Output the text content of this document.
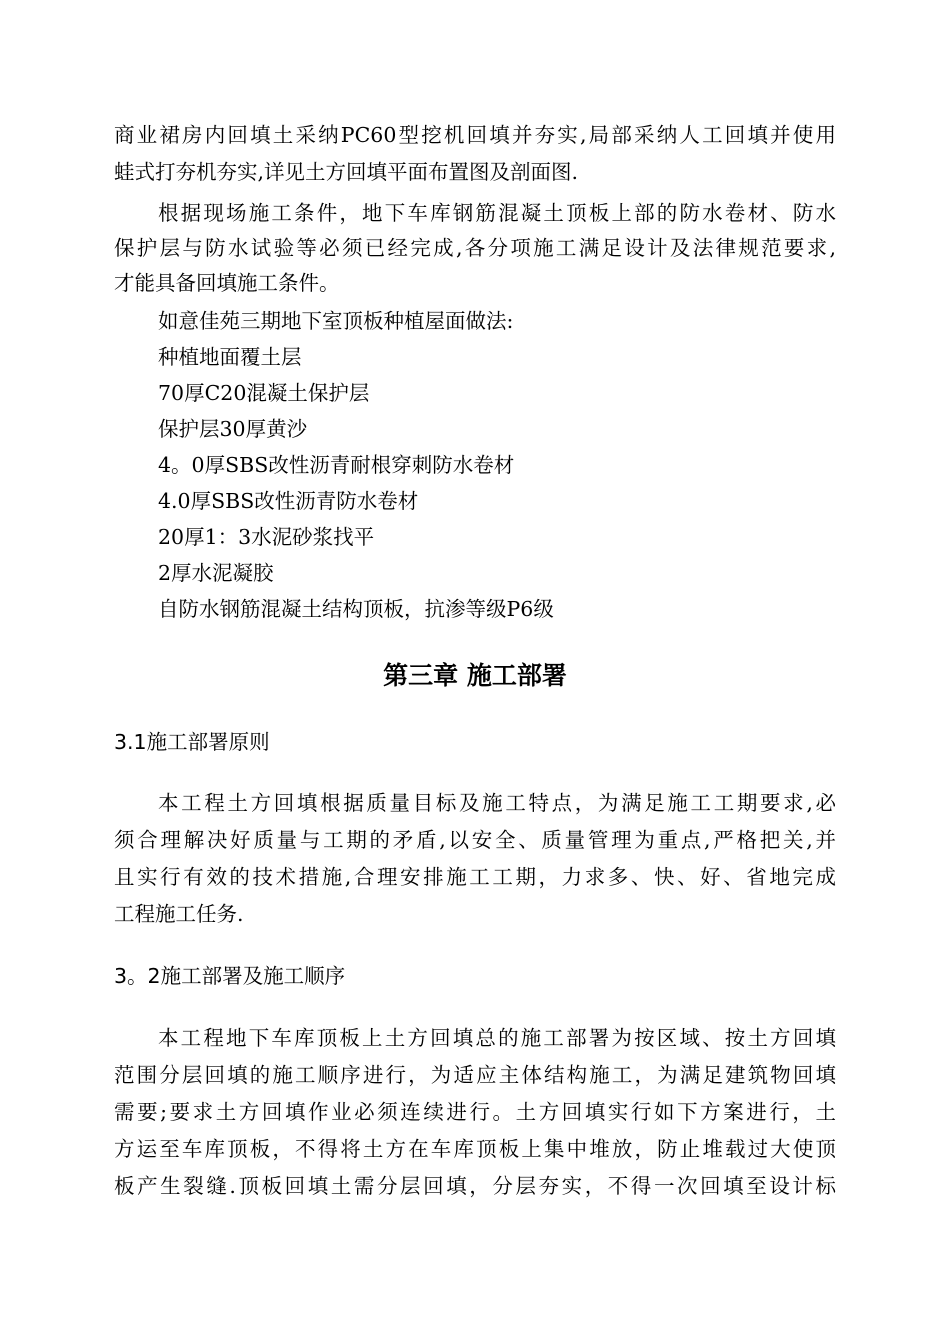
商业裙房内回填土采纳PC60型挖机回填并夯实,局部采纳人工回填并使用
蛙式打夯机夯实,详见土方回填平面布置图及剖面图.
根据现场施工条件，地下车库钢筋混凝土顶板上部的防水卷材、防水
保护层与防水试验等必须已经完成,各分项施工满足设计及法律规范要求,
才能具备回填施工条件。
如意佳苑三期地下室顶板种植屋面做法:
种植地面覆土层
70厚C20混凝土保护层
保护层30厚黄沙
4。0厚SBS改性沥青耐根穿刺防水卷材
4.0厚SBS改性沥青防水卷材
20厚1：3水泥砂浆找平
2厚水泥凝胶
自防水钢筋混凝土结构顶板，抗渗等级P6级
第三章 施工部署
3.1施工部署原则
本工程土方回填根据质量目标及施工特点，为满足施工工期要求,必
须合理解决好质量与工期的矛盾,以安全、质量管理为重点,严格把关,并
且实行有效的技术措施,合理安排施工工期，力求多、快、好、省地完成
工程施工任务.
3。2施工部署及施工顺序
本工程地下车库顶板上土方回填总的施工部署为按区域、按土方回填
范围分层回填的施工顺序进行，为适应主体结构施工，为满足建筑物回填
需要;要求土方回填作业必须连续进行。土方回填实行如下方案进行，土
方运至车库顶板，不得将土方在车库顶板上集中堆放，防止堆载过大使顶
板产生裂缝.顶板回填土需分层回填，分层夯实，不得一次回填至设计标
